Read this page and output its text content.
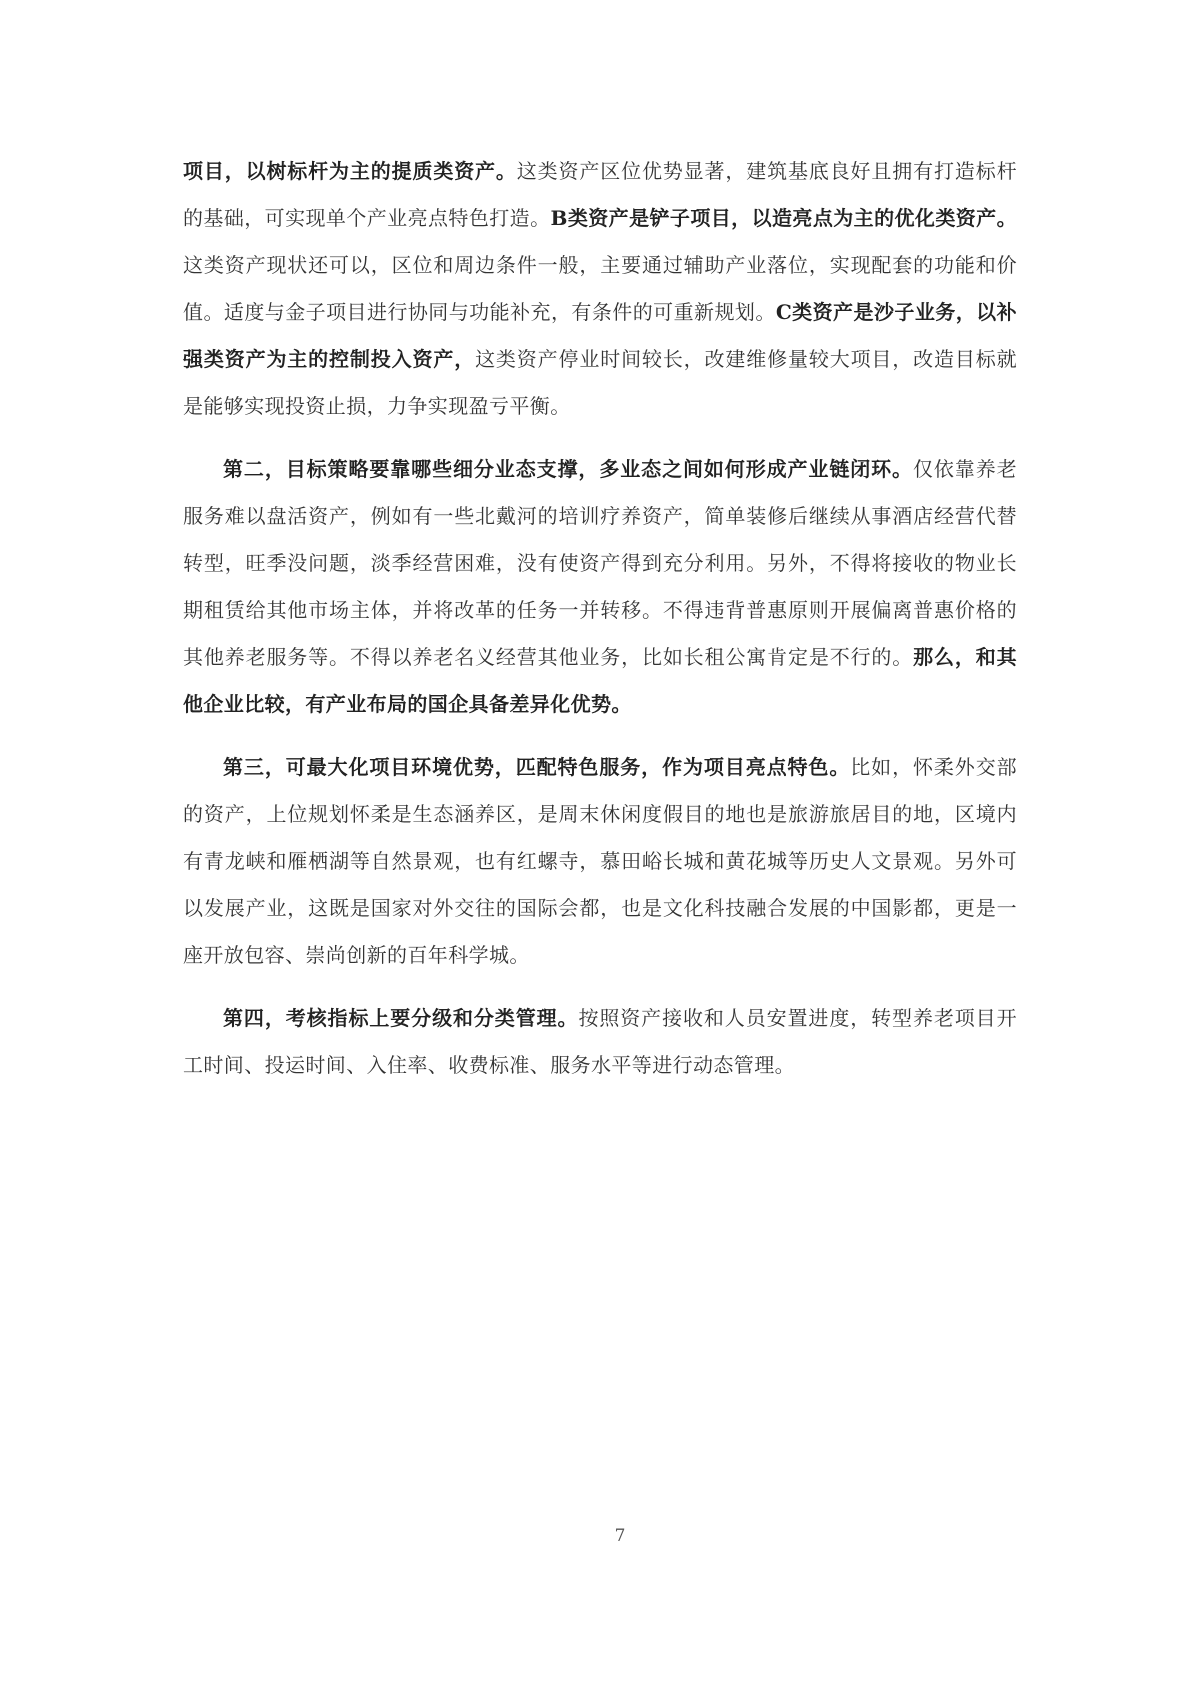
项目，以树标杆为主的提质类资产。这类资产区位优势显著，建筑基底良好且拥有打造标杆的基础，可实现单个产业亮点特色打造。B类资产是铲子项目，以造亮点为主的优化类资产。这类资产现状还可以，区位和周边条件一般，主要通过辅助产业落位，实现配套的功能和价值。适度与金子项目进行协同与功能补充，有条件的可重新规划。C类资产是沙子业务，以补强类资产为主的控制投入资产，这类资产停业时间较长，改建维修量较大项目，改造目标就是能够实现投资止损，力争实现盈亏平衡。

第二，目标策略要靠哪些细分业态支撑，多业态之间如何形成产业链闭环。仅依靠养老服务难以盘活资产，例如有一些北戴河的培训疗养资产，简单装修后继续从事酒店经营代替转型，旺季没问题，淡季经营困难，没有使资产得到充分利用。另外，不得将接收的物业长期租赁给其他市场主体，并将改革的任务一并转移。不得违背普惠原则开展偏离普惠价格的其他养老服务等。不得以养老名义经营其他业务，比如长租公寓肯定是不行的。那么，和其他企业比较，有产业布局的国企具备差异化优势。

第三，可最大化项目环境优势，匹配特色服务，作为项目亮点特色。比如，怀柔外交部的资产，上位规划怀柔是生态涵养区，是周末休闲度假目的地也是旅游旅居目的地，区境内有青龙峡和雁栖湖等自然景观，也有红螺寺，慕田峪长城和黄花城等历史人文景观。另外可以发展产业，这既是国家对外交往的国际会都，也是文化科技融合发展的中国影都，更是一座开放包容、崇尚创新的百年科学城。

第四，考核指标上要分级和分类管理。按照资产接收和人员安置进度，转型养老项目开工时间、投运时间、入住率、收费标准、服务水平等进行动态管理。

7
